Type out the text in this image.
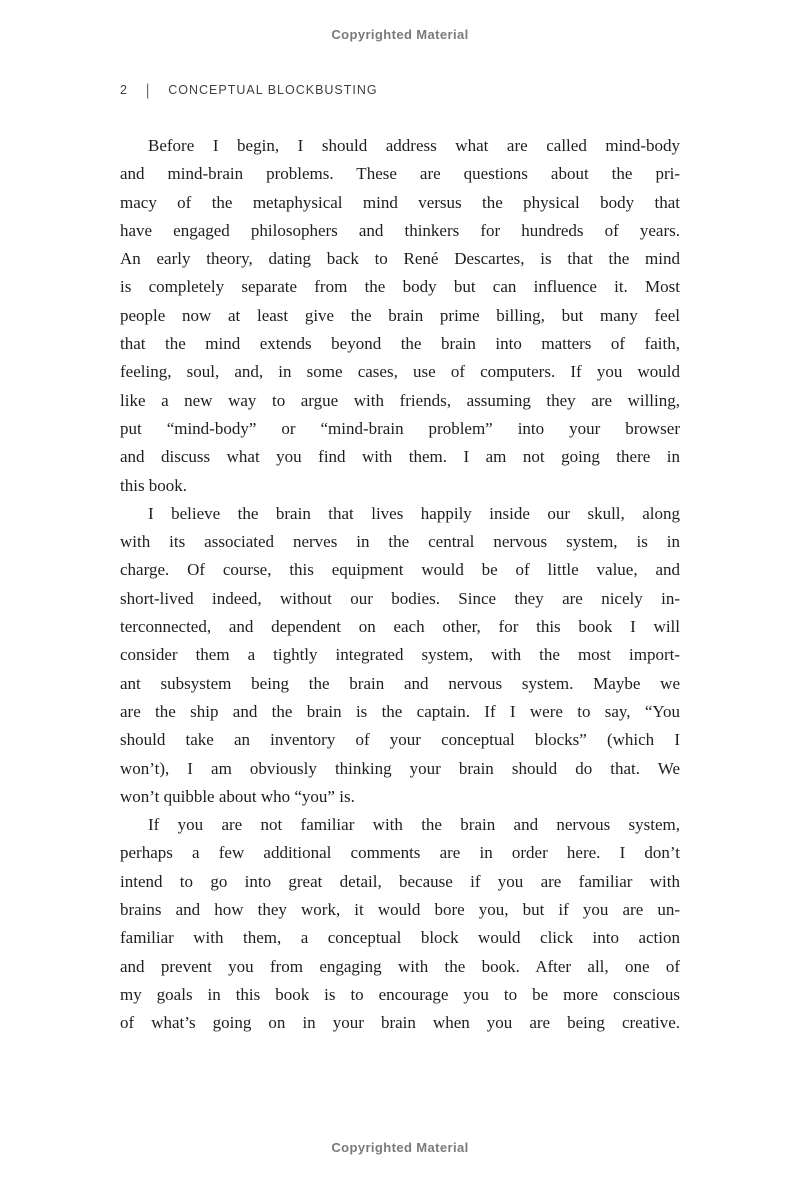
Copyrighted Material
2 | CONCEPTUAL BLOCKBUSTING
Before I begin, I should address what are called mind-body
and mind-brain problems. These are questions about the pri-
macy of the metaphysical mind versus the physical body that
have engaged philosophers and thinkers for hundreds of years.
An early theory, dating back to René Descartes, is that the mind
is completely separate from the body but can influence it. Most
people now at least give the brain prime billing, but many feel
that the mind extends beyond the brain into matters of faith,
feeling, soul, and, in some cases, use of computers. If you would
like a new way to argue with friends, assuming they are willing,
put “mind-body” or “mind-brain problem” into your browser
and discuss what you find with them. I am not going there in
this book.
I believe the brain that lives happily inside our skull, along
with its associated nerves in the central nervous system, is in
charge. Of course, this equipment would be of little value, and
short-lived indeed, without our bodies. Since they are nicely in-
terconnected, and dependent on each other, for this book I will
consider them a tightly integrated system, with the most import-
ant subsystem being the brain and nervous system. Maybe we
are the ship and the brain is the captain. If I were to say, “You
should take an inventory of your conceptual blocks” (which I
won’t), I am obviously thinking your brain should do that. We
won’t quibble about who “you” is.
If you are not familiar with the brain and nervous system,
perhaps a few additional comments are in order here. I don’t
intend to go into great detail, because if you are familiar with
brains and how they work, it would bore you, but if you are un-
familiar with them, a conceptual block would click into action
and prevent you from engaging with the book. After all, one of
my goals in this book is to encourage you to be more conscious
of what’s going on in your brain when you are being creative.
Copyrighted Material
